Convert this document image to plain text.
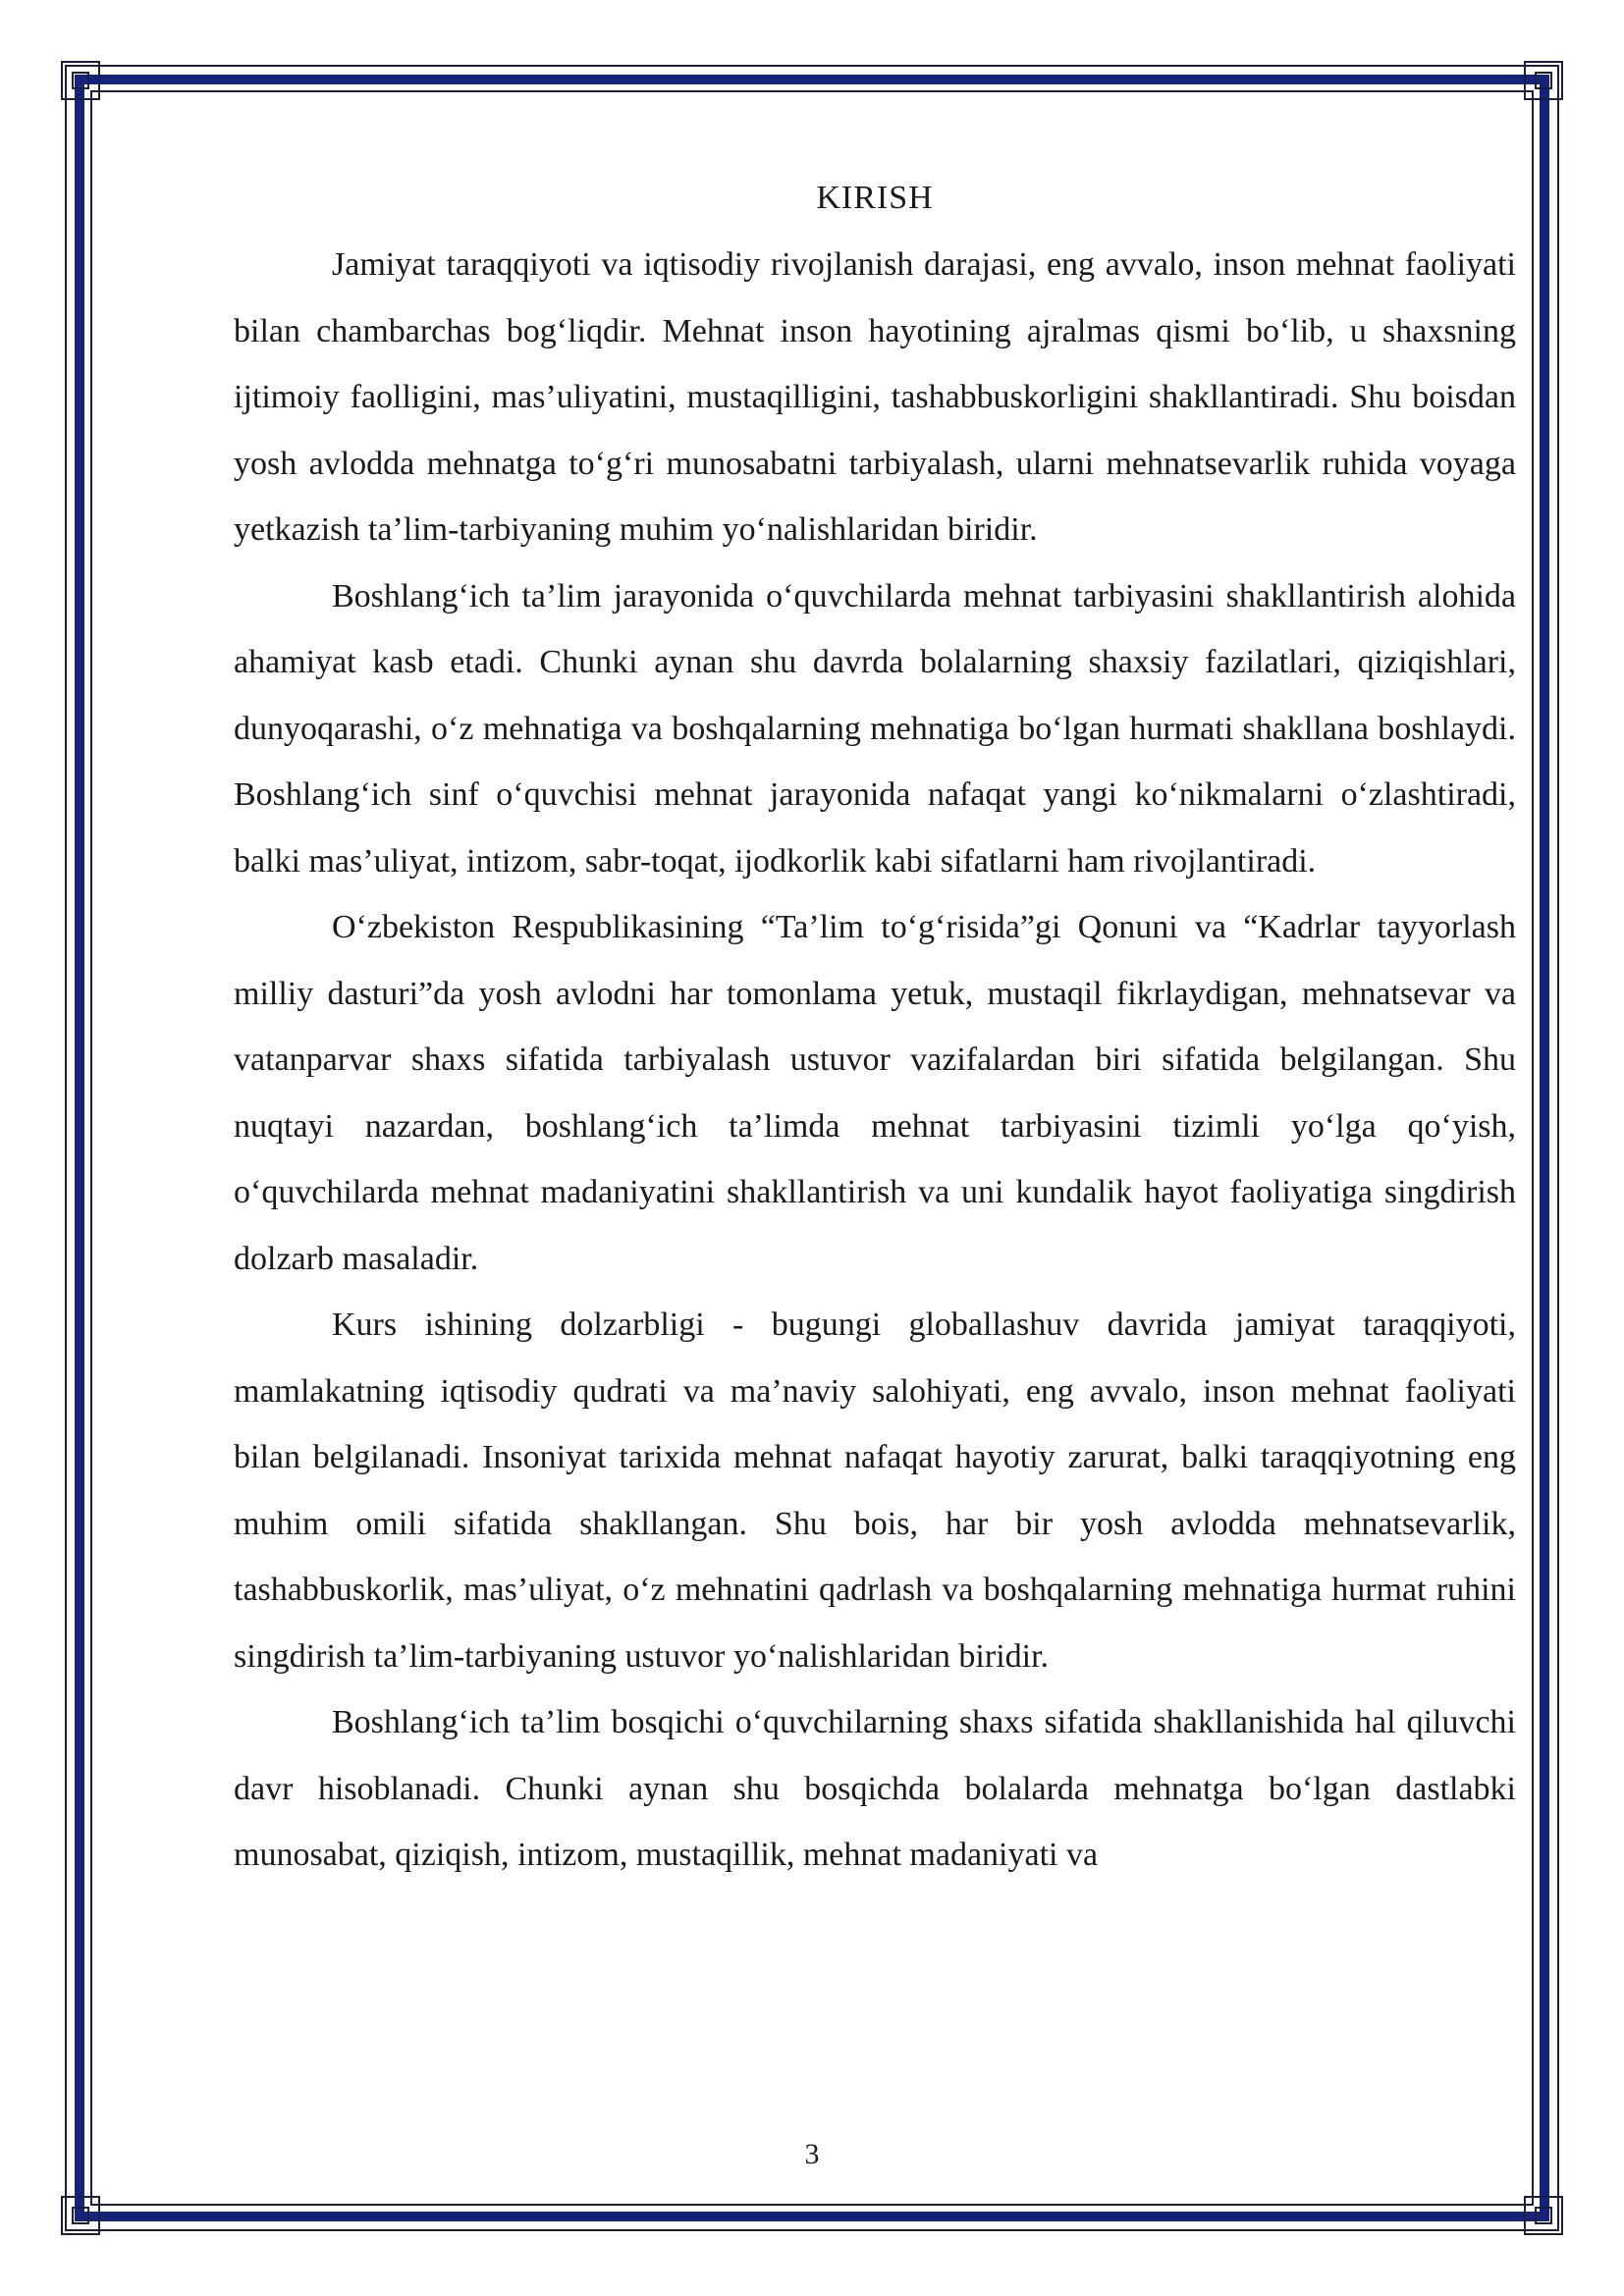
KIRISH

Jamiyat taraqqiyoti va iqtisodiy rivojlanish darajasi, eng avvalo, inson mehnat faoliyati bilan chambarchas bog‘liqdir. Mehnat inson hayotining ajralmas qismi bo‘lib, u shaxsning ijtimoiy faolligini, mas’uliyatini, mustaqilligini, tashabbuskorligini shakllantiradi. Shu boisdan yosh avlodda mehnatga to‘g‘ri munosabatni tarbiyalash, ularni mehnatsevarlik ruhida voyaga yetkazish ta’lim-tarbiyaning muhim yo‘nalishlaridan biridir.

Boshlang‘ich ta’lim jarayonida o‘quvchilarda mehnat tarbiyasini shakllantirish alohida ahamiyat kasb etadi. Chunki aynan shu davrda bolalarning shaxsiy fazilatlari, qiziqishlari, dunyoqarashi, o‘z mehnatiga va boshqalarning mehnatiga bo‘lgan hurmati shakllana boshlaydi. Boshlang‘ich sinf o‘quvchisi mehnat jarayonida nafaqat yangi ko‘nikmalarni o‘zlashtiradi, balki mas’uliyat, intizom, sabr-toqat, ijodkorlik kabi sifatlarni ham rivojlantiradi.

O‘zbekiston Respublikasining “Ta’lim to‘g‘risida”gi Qonuni va “Kadrlar tayyorlash milliy dasturi”da yosh avlodni har tomonlama yetuk, mustaqil fikrlaydigan, mehnatsevar va vatanparvar shaxs sifatida tarbiyalash ustuvor vazifalardan biri sifatida belgilangan. Shu nuqtayi nazardan, boshlang‘ich ta’limda mehnat tarbiyasini tizimli yo‘lga qo‘yish, o‘quvchilarda mehnat madaniyatini shakllantirish va uni kundalik hayot faoliyatiga singdirish dolzarb masaladir.

Kurs ishining dolzarbligi - bugungi globallashuv davrida jamiyat taraqqiyoti, mamlakatning iqtisodiy qudrati va ma’naviy salohiyati, eng avvalo, inson mehnat faoliyati bilan belgilanadi. Insoniyat tarixida mehnat nafaqat hayotiy zarurat, balki taraqqiyotning eng muhim omili sifatida shakllangan. Shu bois, har bir yosh avlodda mehnatsevarlik, tashabbuskorlik, mas’uliyat, o‘z mehnatini qadrlash va boshqalarning mehnatiga hurmat ruhini singdirish ta’lim-tarbiyaning ustuvor yo‘nalishlaridan biridir.

Boshlang‘ich ta’lim bosqichi o‘quvchilarning shaxs sifatida shakllanishida hal qiluvchi davr hisoblanadi. Chunki aynan shu bosqichda bolalarda mehnatga bo‘lgan dastlabki munosabat, qiziqish, intizom, mustaqillik, mehnat madaniyati va

3
